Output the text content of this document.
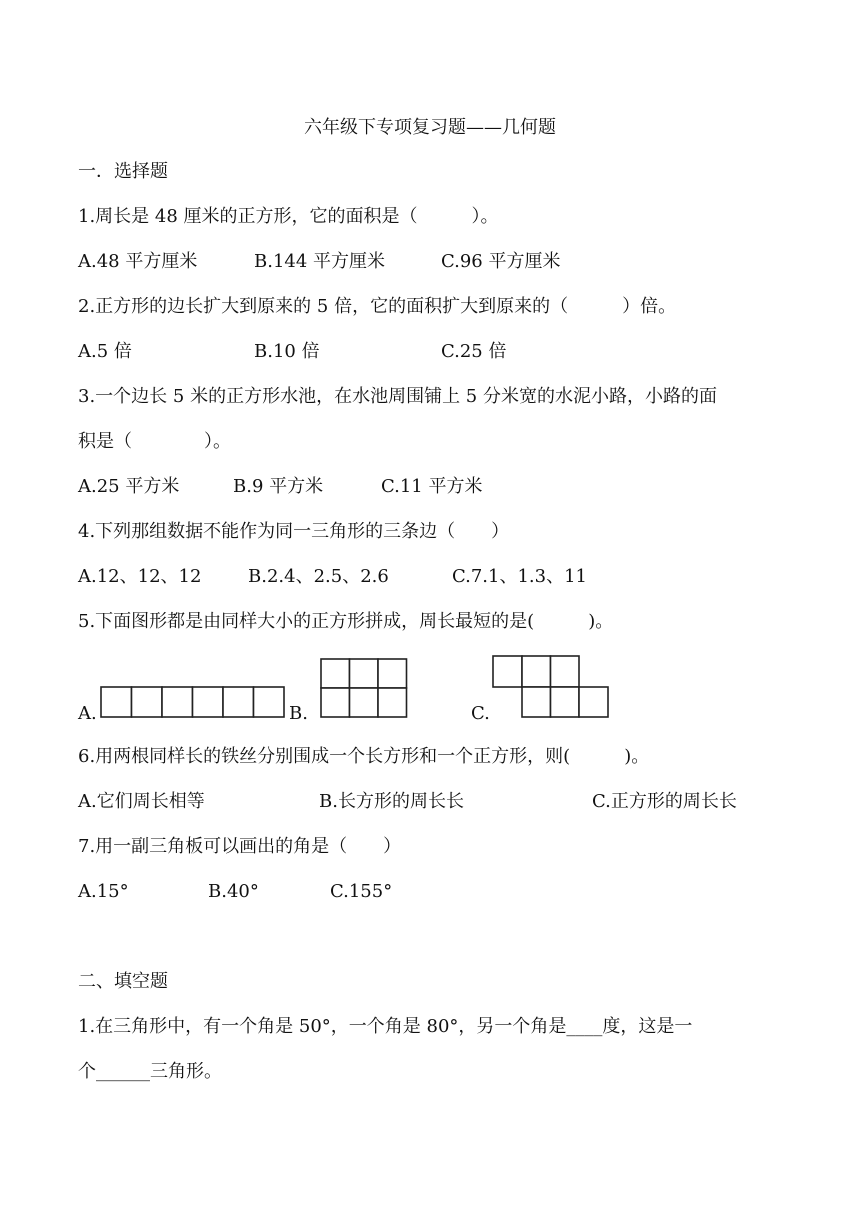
六年级下专项复习题——几何题
一．选择题
1.周长是 48 厘米的正方形，它的面积是（　　　）。
A.48 平方厘米	B.144 平方厘米	C.96 平方厘米
2.正方形的边长扩大到原来的 5 倍，它的面积扩大到原来的（　　　）倍。
A.5 倍	B.10 倍	C.25 倍
3.一个边长 5 米的正方形水池，在水池周围铺上 5 分米宽的水泥小路，小路的面
积是（　　　　）。
A.25 平方米	B.9 平方米	C.11 平方米
4.下列那组数据不能作为同一三角形的三条边（　　）
A.12、12、12	B.2.4、2.5、2.6	C.7.1、1.3、11
5.下面图形都是由同样大小的正方形拼成，周长最短的是(　　　)。
A.	B.	C.
6.用两根同样长的铁丝分别围成一个长方形和一个正方形，则(　　　)。
A.它们周长相等	B.长方形的周长长	C.正方形的周长长
7.用一副三角板可以画出的角是（　　）
A.15°	B.40°	C.155°
二、填空题
1.在三角形中，有一个角是 50°，一个角是 80°，另一个角是____度，这是一
个______三角形。
